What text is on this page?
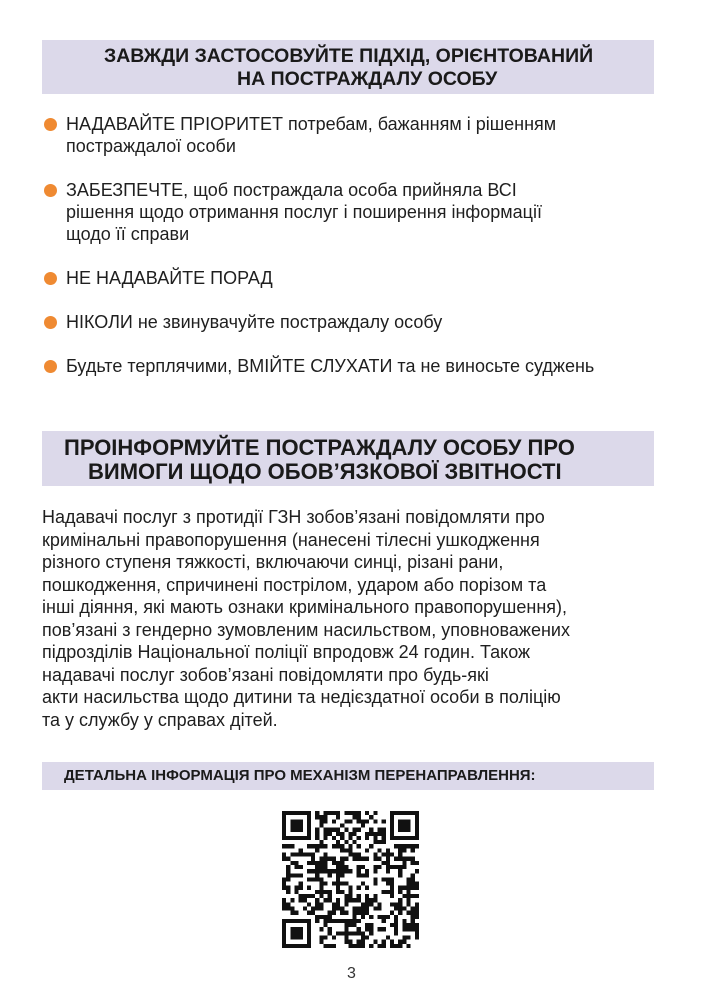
ЗАВЖДИ ЗАСТОСОВУЙТЕ ПІДХІД, ОРІЄНТОВАНИЙ
НА ПОСТРАЖДАЛУ ОСОБУ
НАДАВАЙТЕ ПРІОРИТЕТ потребам, бажанням і рішенням
постраждалої особи
ЗАБЕЗПЕЧТЕ, щоб постраждала особа прийняла ВСІ
рішення щодо отримання послуг і поширення інформації
щодо її справи
НЕ НАДАВАЙТЕ ПОРАД
НІКОЛИ не звинувачуйте постраждалу особу
Будьте терплячими, ВМІЙТЕ СЛУХАТИ та не виносьте суджень
ПРОІНФОРМУЙТЕ ПОСТРАЖДАЛУ ОСОБУ ПРО
ВИМОГИ ЩОДО ОБОВ’ЯЗКОВОЇ ЗВІТНОСТІ

Надавачі послуг з протидії ГЗН зобов’язані повідомляти про
кримінальні правопорушення (нанесені тілесні ушкодження
різного ступеня тяжкості, включаючи синці, різані рани,
пошкодження, спричинені пострілом, ударом або порізом та
інші діяння, які мають ознаки кримінального правопорушення),
пов’язані з гендерно зумовленим насильством, уповноважених
підрозділів Національної поліції впродовж 24 годин. Також
надавачі послуг зобов’язані повідомляти про будь-які
акти насильства щодо дитини та недієздатної особи в поліцію
та у службу у справах дітей.

ДЕТАЛЬНА ІНФОРМАЦІЯ ПРО МЕХАНІЗМ ПЕРЕНАПРАВЛЕННЯ:
3
